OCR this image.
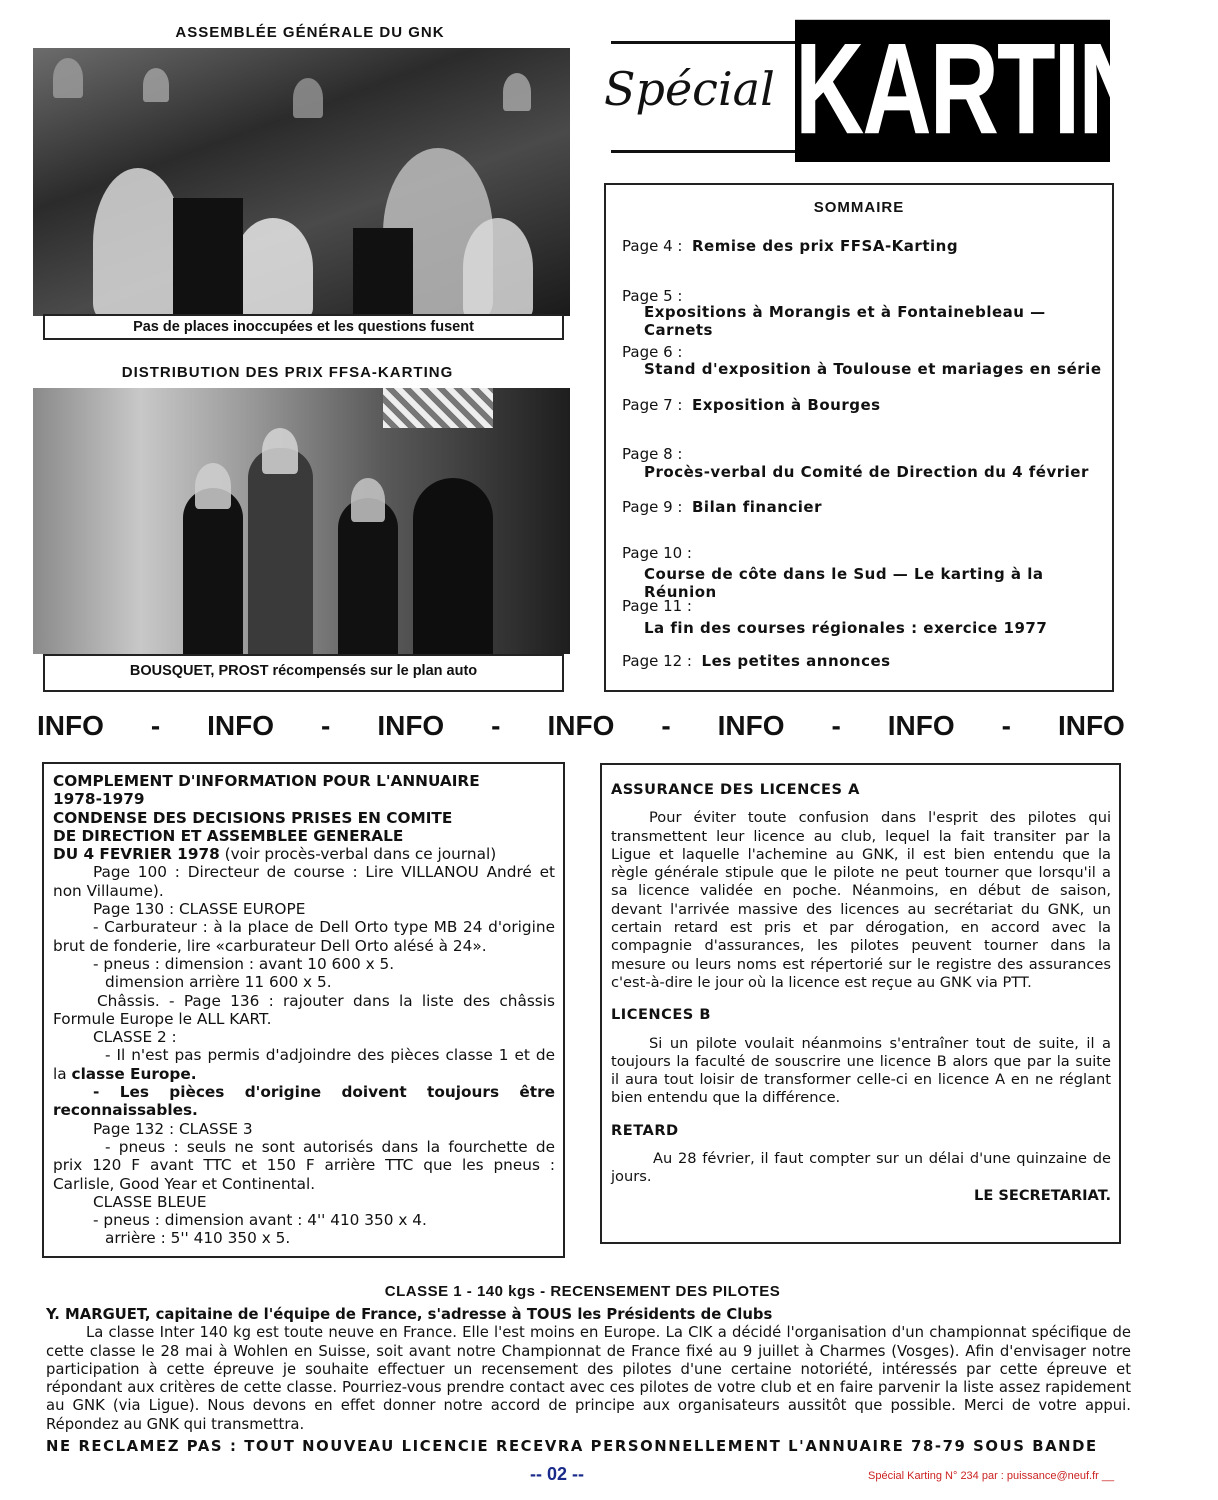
ASSEMBLÉE GÉNÉRALE DU GNK
Pas de places inoccupées et les questions fusent
DISTRIBUTION DES PRIX FFSA-KARTING
BOUSQUET, PROST récompensés sur le plan auto
Spécial KARTING
SOMMAIRE
Page 4 : Remise des prix FFSA-Karting
Page 5 :
Expositions à Morangis et à Fontainebleau — Carnets
Page 6 :
Stand d'exposition à Toulouse et mariages en série
Page 7 : Exposition à Bourges
Page 8 :
Procès-verbal du Comité de Direction du 4 février
Page 9 : Bilan financier
Page 10 :
Course de côte dans le Sud — Le karting à la Réunion
Page 11 :
La fin des courses régionales : exercice 1977
Page 12 : Les petites annonces
INFO - INFO - INFO - INFO - INFO - INFO - INFO
COMPLEMENT D'INFORMATION POUR L'ANNUAIRE
1978-1979
CONDENSE DES DECISIONS PRISES EN COMITE
DE DIRECTION ET ASSEMBLEE GENERALE
DU 4 FEVRIER 1978 (voir procès-verbal dans ce journal)
Page 100 : Directeur de course : Lire VILLANOU André et non Villaume).
Page 130 : CLASSE EUROPE
- Carburateur : à la place de Dell Orto type MB 24 d'origine brut de fonderie, lire «carburateur Dell Orto alésé à 24».
- pneus : dimension : avant 10 600 x 5.
dimension arrière 11 600 x 5.
Châssis. - Page 136 : rajouter dans la liste des châssis Formule Europe le ALL KART.
CLASSE 2 :
- Il n'est pas permis d'adjoindre des pièces classe 1 et de la classe Europe.
- Les pièces d'origine doivent toujours être reconnaissables.
Page 132 : CLASSE 3
- pneus : seuls ne sont autorisés dans la fourchette de prix 120 F avant TTC et 150 F arrière TTC que les pneus : Carlisle, Good Year et Continental.
CLASSE BLEUE
- pneus : dimension avant : 4'' 410 350 x 4.
arrière : 5'' 410 350 x 5.
ASSURANCE DES LICENCES A
Pour éviter toute confusion dans l'esprit des pilotes qui transmettent leur licence au club, lequel la fait transiter par la Ligue et laquelle l'achemine au GNK, il est bien entendu que la règle générale stipule que le pilote ne peut tourner que lorsqu'il a sa licence validée en poche. Néanmoins, en début de saison, devant l'arrivée massive des licences au secrétariat du GNK, un certain retard est pris et par dérogation, en accord avec la compagnie d'assurances, les pilotes peuvent tourner dans la mesure ou leurs noms est répertorié sur le registre des assurances c'est-à-dire le jour où la licence est reçue au GNK via PTT.
LICENCES B
Si un pilote voulait néanmoins s'entraîner tout de suite, il a toujours la faculté de souscrire une licence B alors que par la suite il aura tout loisir de transformer celle-ci en licence A en ne réglant bien entendu que la différence.
RETARD
Au 28 février, il faut compter sur un délai d'une quinzaine de jours.
LE SECRETARIAT.
CLASSE 1 - 140 kgs - RECENSEMENT DES PILOTES
Y. MARGUET, capitaine de l'équipe de France, s'adresse à TOUS les Présidents de Clubs
La classe Inter 140 kg est toute neuve en France. Elle l'est moins en Europe. La CIK a décidé l'organisation d'un championnat spécifique de cette classe le 28 mai à Wohlen en Suisse, soit avant notre Championnat de France fixé au 9 juillet à Charmes (Vosges). Afin d'envisager notre participation à cette épreuve je souhaite effectuer un recensement des pilotes d'une certaine notoriété, intéressés par cette épreuve et répondant aux critères de cette classe. Pourriez-vous prendre contact avec ces pilotes de votre club et en faire parvenir la liste assez rapidement au GNK (via Ligue). Nous devons en effet donner notre accord de principe aux organisateurs aussitôt que possible. Merci de votre appui. Répondez au GNK qui transmettra.
NE RECLAMEZ PAS : TOUT NOUVEAU LICENCIE RECEVRA PERSONNELLEMENT L'ANNUAIRE 78-79 SOUS BANDE
-- 02 --	Spécial Karting N° 234 par : puissance@neuf.fr __
